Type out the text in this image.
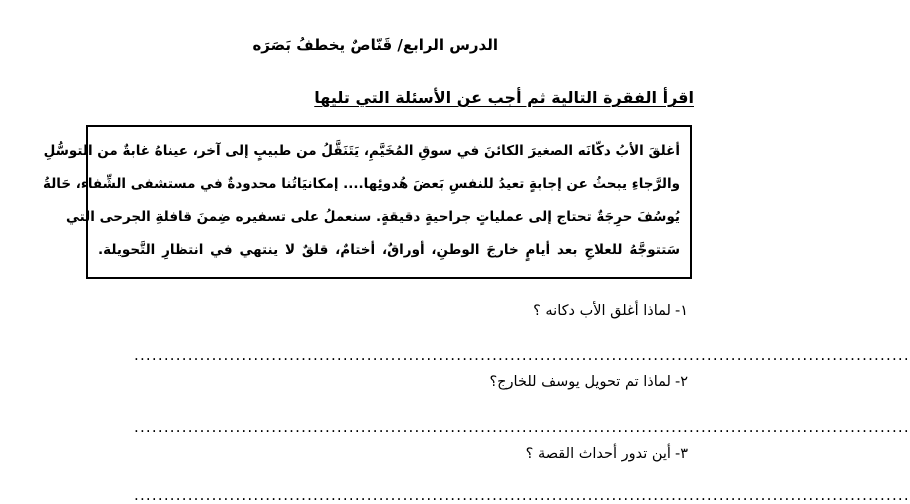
الدرس الرابع/ قَنّاصٌ يخطفُ بَصَرَه
اقرأ الفقرة التالية ثم أجب عن الأسئلة التي تليها
أغلقَ الأبُ دكّانَه الصغيرَ الكائنَ في سوقِ المُخَيَّمِ، يَتَنَقَّلُ من طبيبٍ إلى آخر، عيناهُ غابةٌ من التوسُّلِ
والرَّجاءِ يبحثُ عن إجابةٍ تعيدُ للنفسِ بَعضَ هُدوئِها.... إمكانيَاتُنا محدودةٌ في مستشفى الشِّفاء، حَالةُ
يُوسُفَ حرِجَةٌ تحتاج إلى عملياتٍ جراحيةٍ دقيقةٍ. سنعملُ على تسفيره ضِمنَ قافلةِ الجرحى التي
سَتتوجَّهُ للعلاجِ بعد أيامٍ خارجَ الوطنِ، أوراقٌ، أختامٌ، قلقٌ لا ينتهي في انتظارِ التَّحويلة.
١-لماذا أغلق الأب دكانه ؟
..................................................................................................................................
٢-لماذا تم تحويل يوسف للخارج؟
..................................................................................................................................
٣-أين تدور أحداث القصة ؟
..................................................................................................................................
